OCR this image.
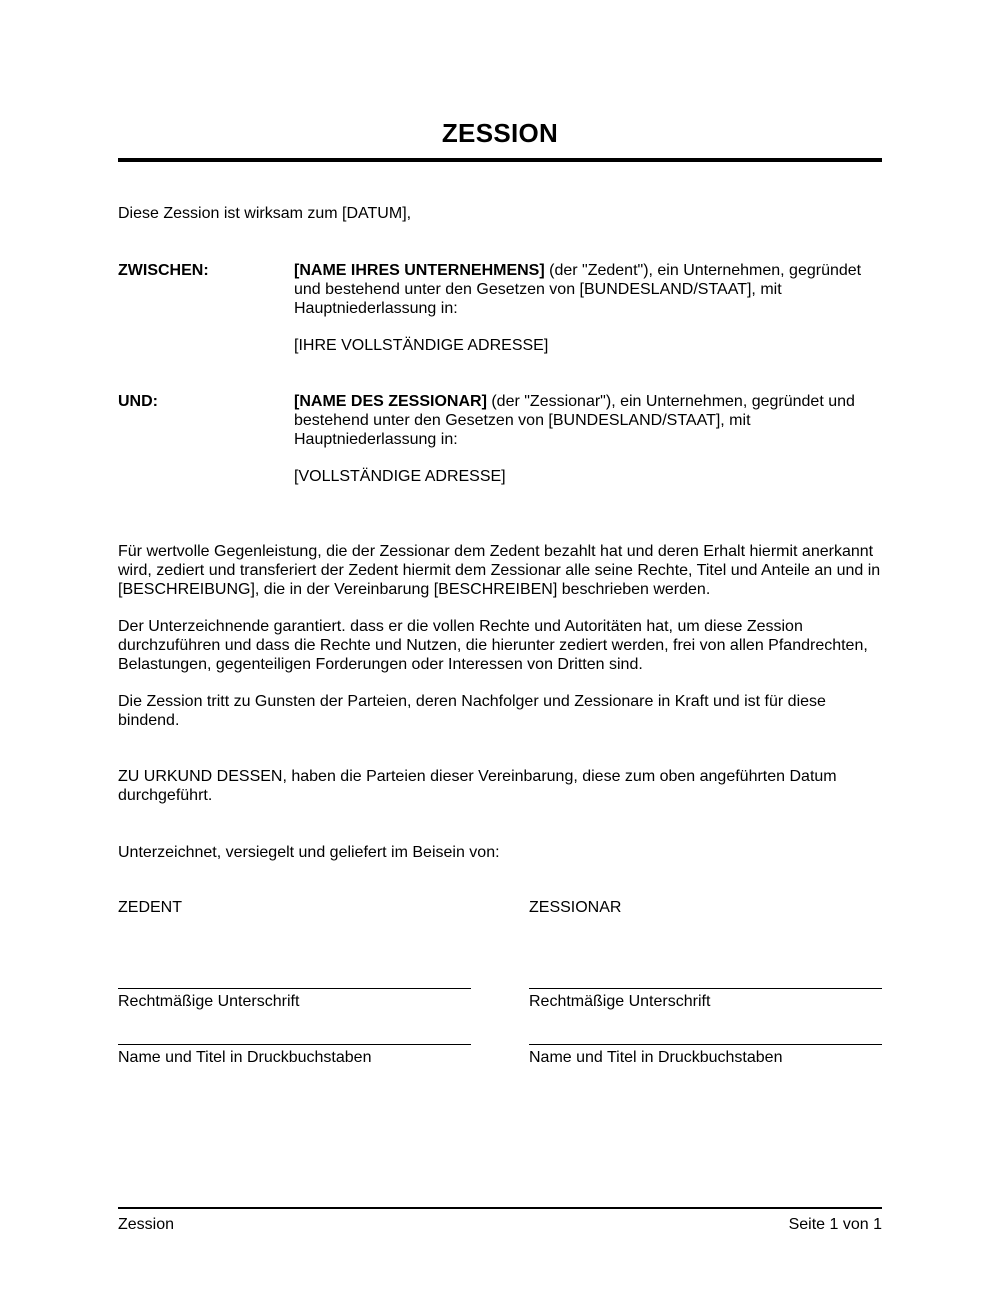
ZESSION
Diese Zession ist wirksam zum [DATUM],
ZWISCHEN:	[NAME IHRES UNTERNEHMENS] (der "Zedent"), ein Unternehmen, gegründet und bestehend unter den Gesetzen von [BUNDESLAND/STAAT], mit Hauptniederlassung in:
[IHRE VOLLSTÄNDIGE ADRESSE]
UND:	[NAME DES ZESSIONAR] (der "Zessionar"), ein Unternehmen, gegründet und bestehend unter den Gesetzen von [BUNDESLAND/STAAT], mit Hauptniederlassung in:
[VOLLSTÄNDIGE ADRESSE]
Für wertvolle Gegenleistung, die der Zessionar dem Zedent bezahlt hat und deren Erhalt hiermit anerkannt wird, zediert und transferiert der Zedent hiermit dem Zessionar alle seine Rechte, Titel und Anteile an und in [BESCHREIBUNG], die in der Vereinbarung [BESCHREIBEN] beschrieben werden.
Der Unterzeichnende garantiert. dass er die vollen Rechte und Autoritäten hat, um diese Zession durchzuführen und dass die Rechte und Nutzen, die hierunter zediert werden, frei von allen Pfandrechten, Belastungen, gegenteiligen Forderungen oder Interessen von Dritten sind.
Die Zession tritt zu Gunsten der Parteien, deren Nachfolger und Zessionare in Kraft und ist für diese bindend.
ZU URKUND DESSEN, haben die Parteien dieser Vereinbarung, diese zum oben angeführten Datum durchgeführt.
Unterzeichnet, versiegelt und geliefert im Beisein von:
ZEDENT
Rechtmäßige Unterschrift
Name und Titel in Druckbuchstaben
ZESSIONAR
Rechtmäßige Unterschrift
Name und Titel in Druckbuchstaben
Zession	Seite 1 von 1
